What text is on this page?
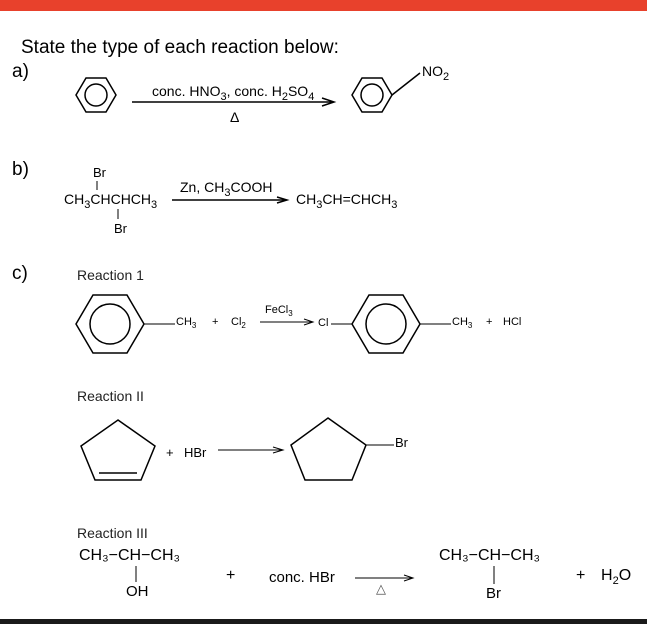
State the type of each reaction below:
a)
conc. $HNO_3$, conc. $H_2SO_4$
Δ
$NO_2$
b)	Br
$CH_3CHCHCH_3$
Br
Zn, $CH_3COOH$
$CH_3CH=CHCH_3$
c)	Reaction 1
$CH_3 + Cl_2$
FeCl$_3$
Cl	$CH_3$ + HCl
Reaction II
+ HBr
Br
Reaction III
CH₃−CH−CH₃
OH
+ conc. HBr
△
CH₃−CH−CH₃
Br
+ $H_2O$
